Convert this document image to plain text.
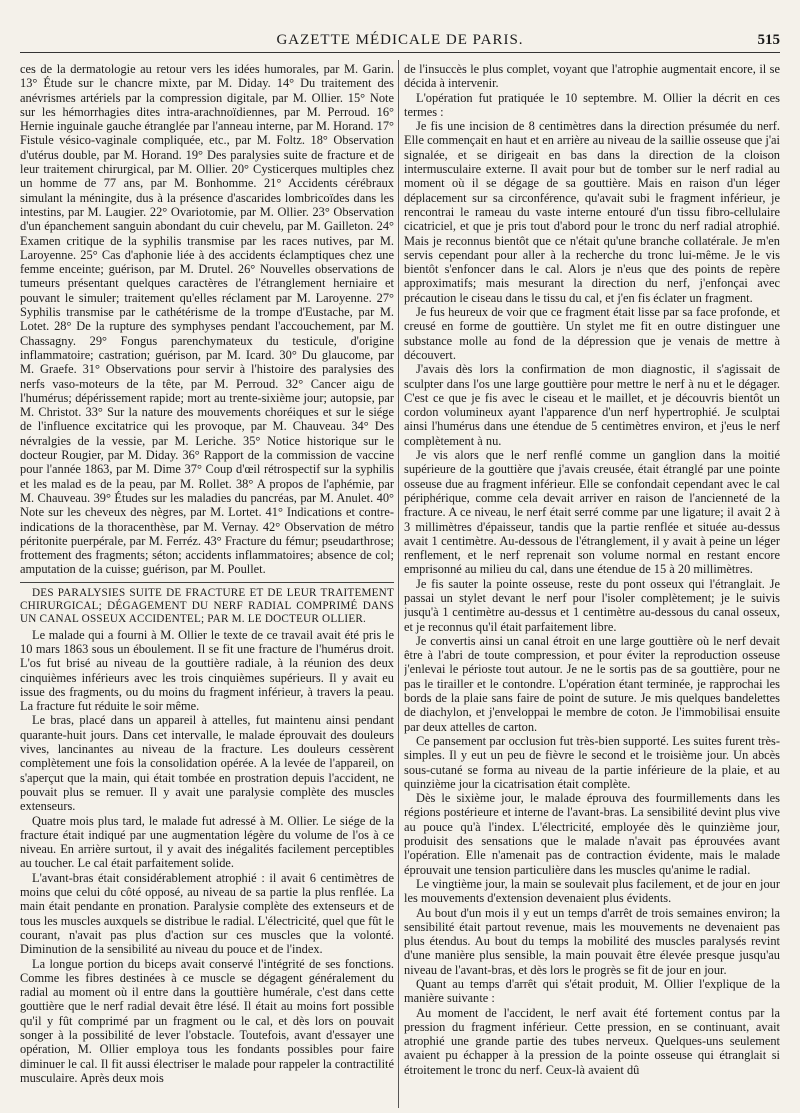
GAZETTE MÉDICALE DE PARIS.	515

ces de la dermatologie au retour vers les idées humorales, par M. Garin. 13° Étude sur le chancre mixte, par M. Diday. 14° Du traitement des anévrismes artériels par la compression digitale, par M. Ollier. 15° Note sur les hémorrhagies dites intra-arachnoïdiennes, par M. Perroud. 16° Hernie inguinale gauche étranglée par l'anneau interne, par M. Horand. 17° Fistule vésico-vaginale compliquée, etc., par M. Foltz. 18° Observation d'utérus double, par M. Horand. 19° Des paralysies suite de fracture et de leur traitement chirurgical, par M. Ollier. 20° Cysticerques multiples chez un homme de 77 ans, par M. Bonhomme. 21° Accidents cérébraux simulant la méningite, dus à la présence d'ascarides lombricoïdes dans les intestins, par M. Laugier. 22° Ovariotomie, par M. Ollier. 23° Observation d'un épanchement sanguin abondant du cuir chevelu, par M. Gailleton. 24° Examen critique de la syphilis transmise par les races nutives, par M. Laroyenne. 25° Cas d'aphonie liée à des accidents éclamptiques chez une femme enceinte; guérison, par M. Drutel. 26° Nouvelles observations de tumeurs présentant quelques caractères de l'étranglement herniaire et pouvant le simuler; traitement qu'elles réclament par M. Laroyenne. 27° Syphilis transmise par le cathétérisme de la trompe d'Eustache, par M. Lotet. 28° De la rupture des symphyses pendant l'accouchement, par M. Chassagny. 29° Fongus parenchymateux du testicule, d'origine inflammatoire; castration; guérison, par M. Icard. 30° Du glaucome, par M. Graefe. 31° Observations pour servir à l'histoire des paralysies des nerfs vaso-moteurs de la tête, par M. Perroud. 32° Cancer aigu de l'humérus; dépérissement rapide; mort au trente-sixième jour; autopsie, par M. Christot. 33° Sur la nature des mouvements choréiques et sur le siége de l'influence excitatrice qui les provoque, par M. Chauveau. 34° Des névralgies de la vessie, par M. Leriche. 35° Notice historique sur le docteur Rougier, par M. Diday. 36° Rapport de la commission de vaccine pour l'année 1863, par M. Dime 37° Coup d'œil rétrospectif sur la syphilis et les malad es de la peau, par M. Rollet. 38° A propos de l'aphémie, par M. Chauveau. 39° Études sur les maladies du pancréas, par M. Anulet. 40° Note sur les cheveux des nègres, par M. Lortet. 41° Indications et contre-indications de la thoracenthèse, par M. Vernay. 42° Observation de métro péritonite puerpérale, par M. Ferréz. 43° Fracture du fémur; pseudarthrose; frottement des fragments; séton; accidents inflammatoires; absence de col; amputation de la cuisse; guérison, par M. Poullet.

DES PARALYSIES SUITE DE FRACTURE ET DE LEUR TRAITEMENT CHIRURGICAL; DÉGAGEMENT DU NERF RADIAL COMPRIMÉ DANS UN CANAL OSSEUX ACCIDENTEL; PAR M. LE DOCTEUR OLLIER.

Le malade qui a fourni à M. Ollier le texte de ce travail avait été pris le 10 mars 1863 sous un éboulement. Il se fit une fracture de l'humérus droit. L'os fut brisé au niveau de la gouttière radiale, à la réunion des deux cinquièmes inférieurs avec les trois cinquièmes supérieurs. Il y avait eu issue des fragments, ou du moins du fragment inférieur, à travers la peau. La fracture fut réduite le soir même.

Le bras, placé dans un appareil à attelles, fut maintenu ainsi pendant quarante-huit jours. Dans cet intervalle, le malade éprouvait des douleurs vives, lancinantes au niveau de la fracture. Les douleurs cessèrent complètement une fois la consolidation opérée. A la levée de l'appareil, on s'aperçut que la main, qui était tombée en prostration depuis l'accident, ne pouvait plus se remuer. Il y avait une paralysie complète des muscles extenseurs.

Quatre mois plus tard, le malade fut adressé à M. Ollier. Le siége de la fracture était indiqué par une augmentation légère du volume de l'os à ce niveau. En arrière surtout, il y avait des inégalités facilement perceptibles au toucher. Le cal était parfaitement solide.

L'avant-bras était considérablement atrophié : il avait 6 centimètres de moins que celui du côté opposé, au niveau de sa partie la plus renflée. La main était pendante en pronation. Paralysie complète des extenseurs et de tous les muscles auxquels se distribue le radial. L'électricité, quel que fût le courant, n'avait pas plus d'action sur ces muscles que la volonté. Diminution de la sensibilité au niveau du pouce et de l'index.

La longue portion du biceps avait conservé l'intégrité de ses fonctions. Comme les fibres destinées à ce muscle se dégagent généralement du radial au moment où il entre dans la gouttière humérale, c'est dans cette gouttière que le nerf radial devait être lésé. Il était au moins fort possible qu'il y fût comprimé par un fragment ou le cal, et dès lors on pouvait songer à la possibilité de lever l'obstacle. Toutefois, avant d'essayer une opération, M. Ollier employa tous les fondants possibles pour faire diminuer le cal. Il fit aussi électriser le malade pour rappeler la contractilité musculaire. Après deux mois

de l'insuccès le plus complet, voyant que l'atrophie augmentait encore, il se décida à intervenir.

L'opération fut pratiquée le 10 septembre. M. Ollier la décrit en ces termes :

Je fis une incision de 8 centimètres dans la direction présumée du nerf. Elle commençait en haut et en arrière au niveau de la saillie osseuse que j'ai signalée, et se dirigeait en bas dans la direction de la cloison intermusculaire externe. Il avait pour but de tomber sur le nerf radial au moment où il se dégage de sa gouttière. Mais en raison d'un léger déplacement sur sa circonférence, qu'avait subi le fragment inférieur, je rencontrai le rameau du vaste interne entouré d'un tissu fibro-cellulaire cicatriciel, et que je pris tout d'abord pour le tronc du nerf radial atrophié. Mais je reconnus bientôt que ce n'était qu'une branche collatérale. Je m'en servis cependant pour aller à la recherche du tronc lui-même. Je le vis bientôt s'enfoncer dans le cal. Alors je n'eus que des points de repère approximatifs; mais mesurant la direction du nerf, j'enfonçai avec précaution le ciseau dans le tissu du cal, et j'en fis éclater un fragment.

Je fus heureux de voir que ce fragment était lisse par sa face profonde, et creusé en forme de gouttière. Un stylet me fit en outre distinguer une substance molle au fond de la dépression que je venais de mettre à découvert.

J'avais dès lors la confirmation de mon diagnostic, il s'agissait de sculpter dans l'os une large gouttière pour mettre le nerf à nu et le dégager. C'est ce que je fis avec le ciseau et le maillet, et je découvris bientôt un cordon volumineux ayant l'apparence d'un nerf hypertrophié. Je sculptai ainsi l'humérus dans une étendue de 5 centimètres environ, et j'eus le nerf complètement à nu.

Je vis alors que le nerf renflé comme un ganglion dans la moitié supérieure de la gouttière que j'avais creusée, était étranglé par une pointe osseuse due au fragment inférieur. Elle se confondait cependant avec le cal périphérique, comme cela devait arriver en raison de l'ancienneté de la fracture. A ce niveau, le nerf était serré comme par une ligature; il avait 2 à 3 millimètres d'épaisseur, tandis que la partie renflée et située au-dessus avait 1 centimètre. Au-dessous de l'étranglement, il y avait à peine un léger renflement, et le nerf reprenait son volume normal en restant encore emprisonné au milieu du cal, dans une étendue de 15 à 20 millimètres.

Je fis sauter la pointe osseuse, reste du pont osseux qui l'étranglait. Je passai un stylet devant le nerf pour l'isoler complètement; je le suivis jusqu'à 1 centimètre au-dessus et 1 centimètre au-dessous du canal osseux, et je reconnus qu'il était parfaitement libre.

Je convertis ainsi un canal étroit en une large gouttière où le nerf devait être à l'abri de toute compression, et pour éviter la reproduction osseuse j'enlevai le périoste tout autour. Je ne le sortis pas de sa gouttière, pour ne pas le tirailler et le contondre. L'opération étant terminée, je rapprochai les bords de la plaie sans faire de point de suture. Je mis quelques bandelettes de diachylon, et j'enveloppai le membre de coton. Je l'immobilisai ensuite par deux attelles de carton.

Ce pansement par occlusion fut très-bien supporté. Les suites furent très-simples. Il y eut un peu de fièvre le second et le troisième jour. Un abcès sous-cutané se forma au niveau de la partie inférieure de la plaie, et au quinzième jour la cicatrisation était complète.

Dès le sixième jour, le malade éprouva des fourmillements dans les régions postérieure et interne de l'avant-bras. La sensibilité devint plus vive au pouce qu'à l'index. L'électricité, employée dès le quinzième jour, produisit des sensations que le malade n'avait pas éprouvées avant l'opération. Elle n'amenait pas de contraction évidente, mais le malade éprouvait une tension particulière dans les muscles qu'anime le radial.

Le vingtième jour, la main se soulevait plus facilement, et de jour en jour les mouvements d'extension devenaient plus évidents.

Au bout d'un mois il y eut un temps d'arrêt de trois semaines environ; la sensibilité était partout revenue, mais les mouvements ne devenaient pas plus étendus. Au bout du temps la mobilité des muscles paralysés revint d'une manière plus sensible, la main pouvait être élevée presque jusqu'au niveau de l'avant-bras, et dès lors le progrès se fit de jour en jour.

Quant au temps d'arrêt qui s'était produit, M. Ollier l'explique de la manière suivante :

Au moment de l'accident, le nerf avait été fortement contus par la pression du fragment inférieur. Cette pression, en se continuant, avait atrophié une grande partie des tubes nerveux. Quelques-uns seulement avaient pu échapper à la pression de la pointe osseuse qui étranglait si étroitement le tronc du nerf. Ceux-là avaient dû
